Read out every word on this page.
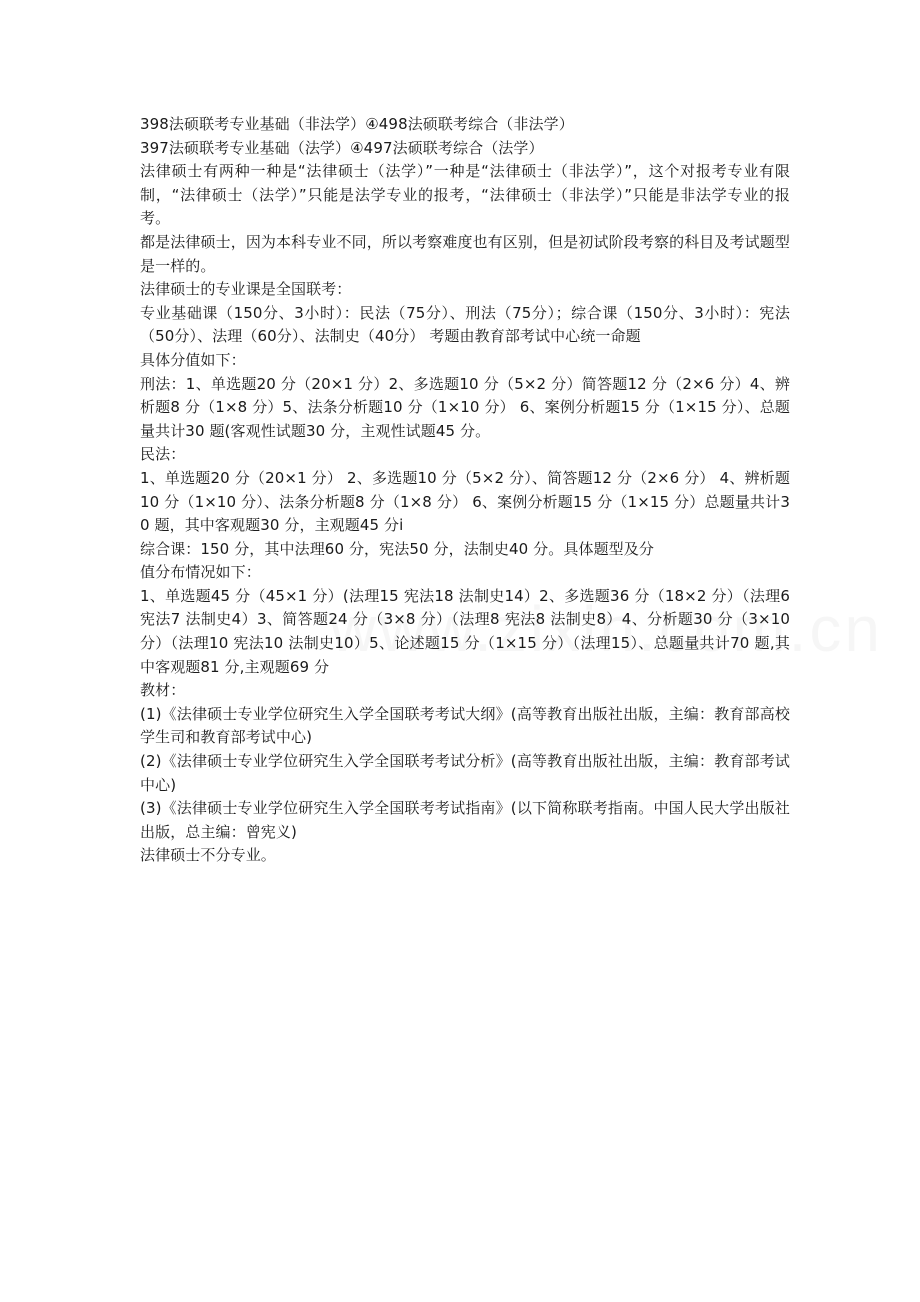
398法硕联考专业基础（非法学）④498法硕联考综合（非法学）

397法硕联考专业基础（法学）④497法硕联考综合（法学）

法律硕士有两种一种是“法律硕士（法学）”一种是“法律硕士（非法学）”，这个对报考专业有限制，“法律硕士（法学）”只能是法学专业的报考，“法律硕士（非法学）”只能是非法学专业的报考。

都是法律硕士，因为本科专业不同，所以考察难度也有区别，但是初试阶段考察的科目及考试题型是一样的。

法律硕士的专业课是全国联考：

专业基础课（150分、3小时）：民法（75分）、刑法（75分）；综合课（150分、3小时）：宪法（50分）、法理（60分）、法制史（40分） 考题由教育部考试中心统一命题

具体分值如下：

刑法：1、单选题20 分（20×1 分）2、多选题10 分（5×2 分）简答题12 分（2×6 分）4、辨析题8 分（1×8 分）5、法条分析题10 分（1×10 分） 6、案例分析题15 分（1×15 分）、总题量共计30 题(客观性试题30 分，主观性试题45 分。

民法：

1、单选题20 分（20×1 分） 2、多选题10 分（5×2 分）、简答题12 分（2×6 分） 4、辨析题10 分（1×10 分）、法条分析题8 分（1×8 分） 6、案例分析题15 分（1×15 分）总题量共计30 题，其中客观题30 分，主观题45 分i

综合课：150 分，其中法理60 分，宪法50 分，法制史40 分。具体题型及分

值分布情况如下：

1、单选题45 分（45×1 分）(法理15 宪法18 法制史14）2、多选题36 分（18×2 分）（法理6 宪法7 法制史4）3、简答题24 分（3×8 分）（法理8 宪法8 法制史8）4、分析题30 分（3×10 分）（法理10 宪法10 法制史10）5、论述题15 分（1×15 分）（法理15）、总题量共计70 题,其中客观题81 分,主观题69 分

教材：

(1)《法律硕士专业学位研究生入学全国联考考试大纲》(高等教育出版社出版，主编：教育部高校学生司和教育部考试中心)

(2)《法律硕士专业学位研究生入学全国联考考试分析》(高等教育出版社出版，主编：教育部考试中心)

(3)《法律硕士专业学位研究生入学全国联考考试指南》(以下简称联考指南。中国人民大学出版社出版，总主编：曾宪义)

法律硕士不分专业。
